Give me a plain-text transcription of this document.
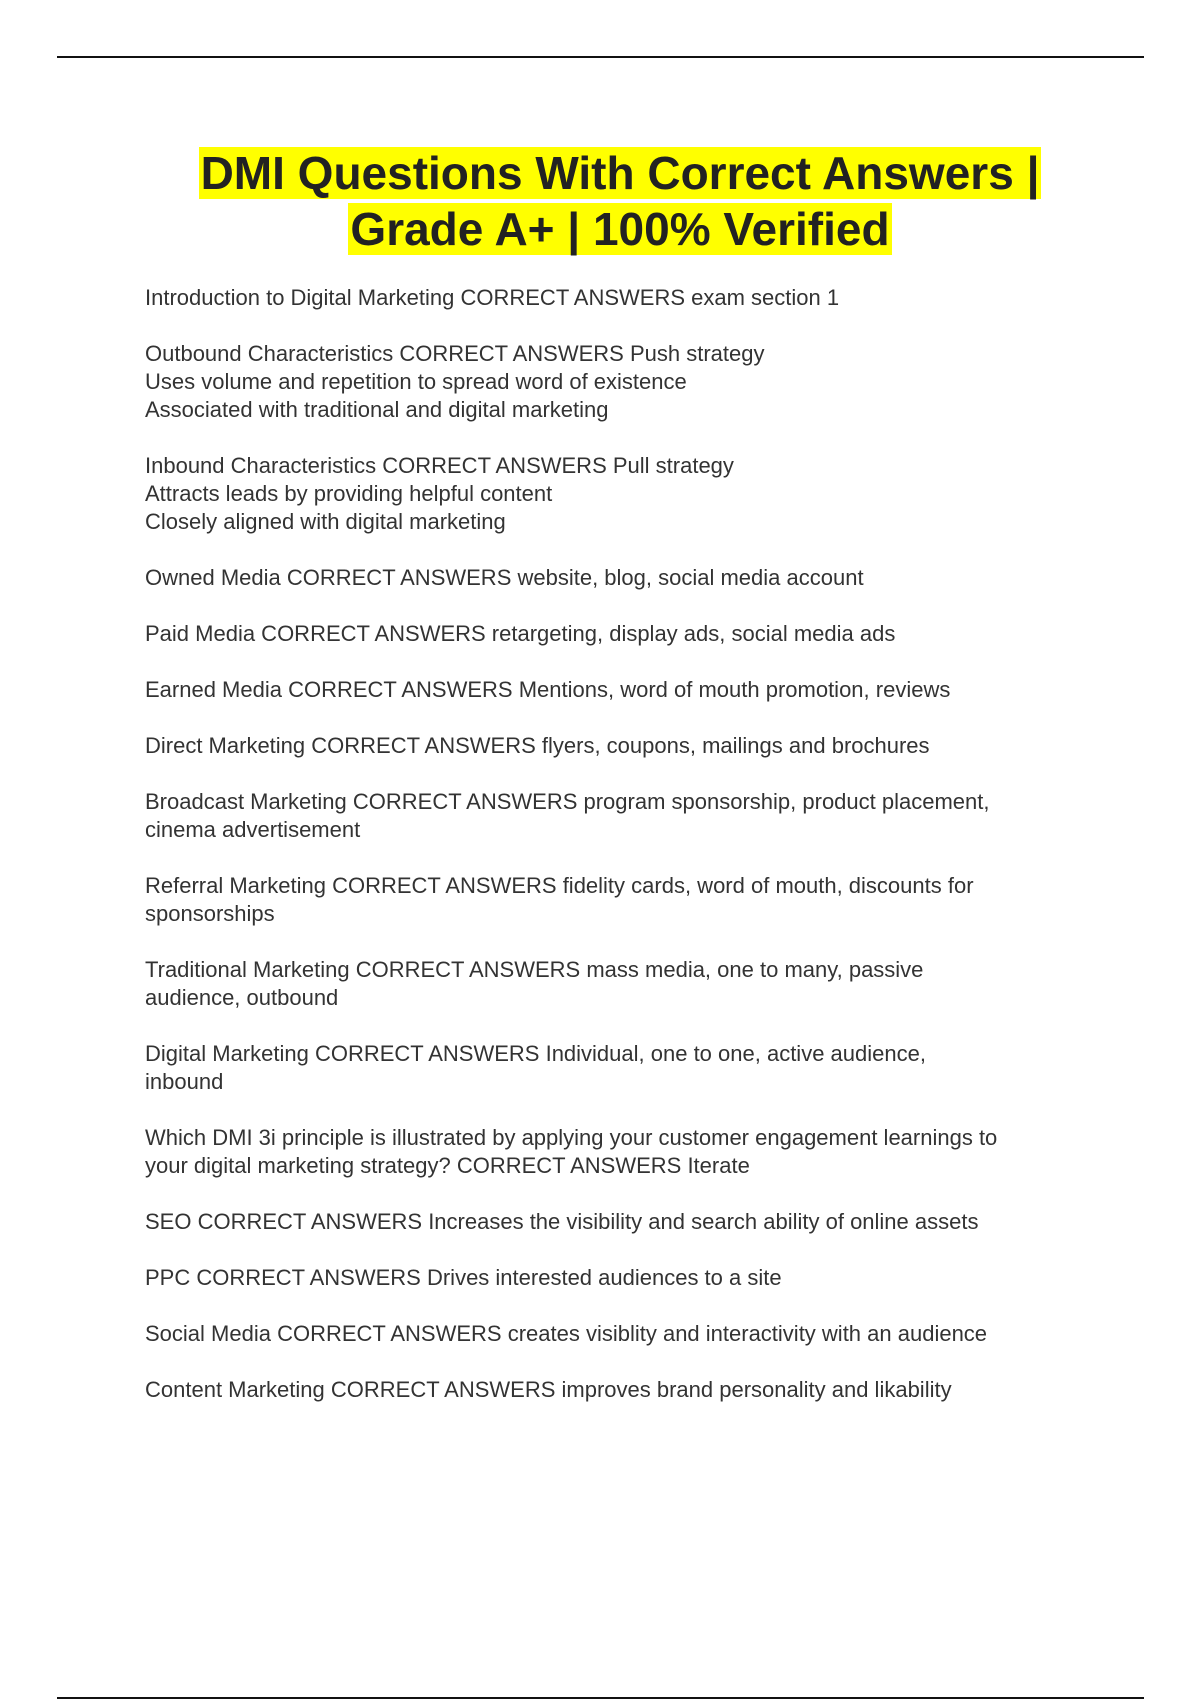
DMI Questions With Correct Answers |
Grade A+ | 100% Verified
Introduction to Digital Marketing CORRECT ANSWERS exam section 1
Outbound Characteristics CORRECT ANSWERS Push strategy
Uses volume and repetition to spread word of existence
Associated with traditional and digital marketing
Inbound Characteristics CORRECT ANSWERS Pull strategy
Attracts leads by providing helpful content
Closely aligned with digital marketing
Owned Media CORRECT ANSWERS website, blog, social media account
Paid Media CORRECT ANSWERS retargeting, display ads, social media ads
Earned Media CORRECT ANSWERS Mentions, word of mouth promotion, reviews
Direct Marketing CORRECT ANSWERS flyers, coupons, mailings and brochures
Broadcast Marketing CORRECT ANSWERS program sponsorship, product placement,
cinema advertisement
Referral Marketing CORRECT ANSWERS fidelity cards, word of mouth, discounts for
sponsorships
Traditional Marketing CORRECT ANSWERS mass media, one to many, passive
audience, outbound
Digital Marketing CORRECT ANSWERS Individual, one to one, active audience,
inbound
Which DMI 3i principle is illustrated by applying your customer engagement learnings to
your digital marketing strategy? CORRECT ANSWERS Iterate
SEO CORRECT ANSWERS Increases the visibility and search ability of online assets
PPC CORRECT ANSWERS Drives interested audiences to a site
Social Media CORRECT ANSWERS creates visiblity and interactivity with an audience
Content Marketing CORRECT ANSWERS improves brand personality and likability
